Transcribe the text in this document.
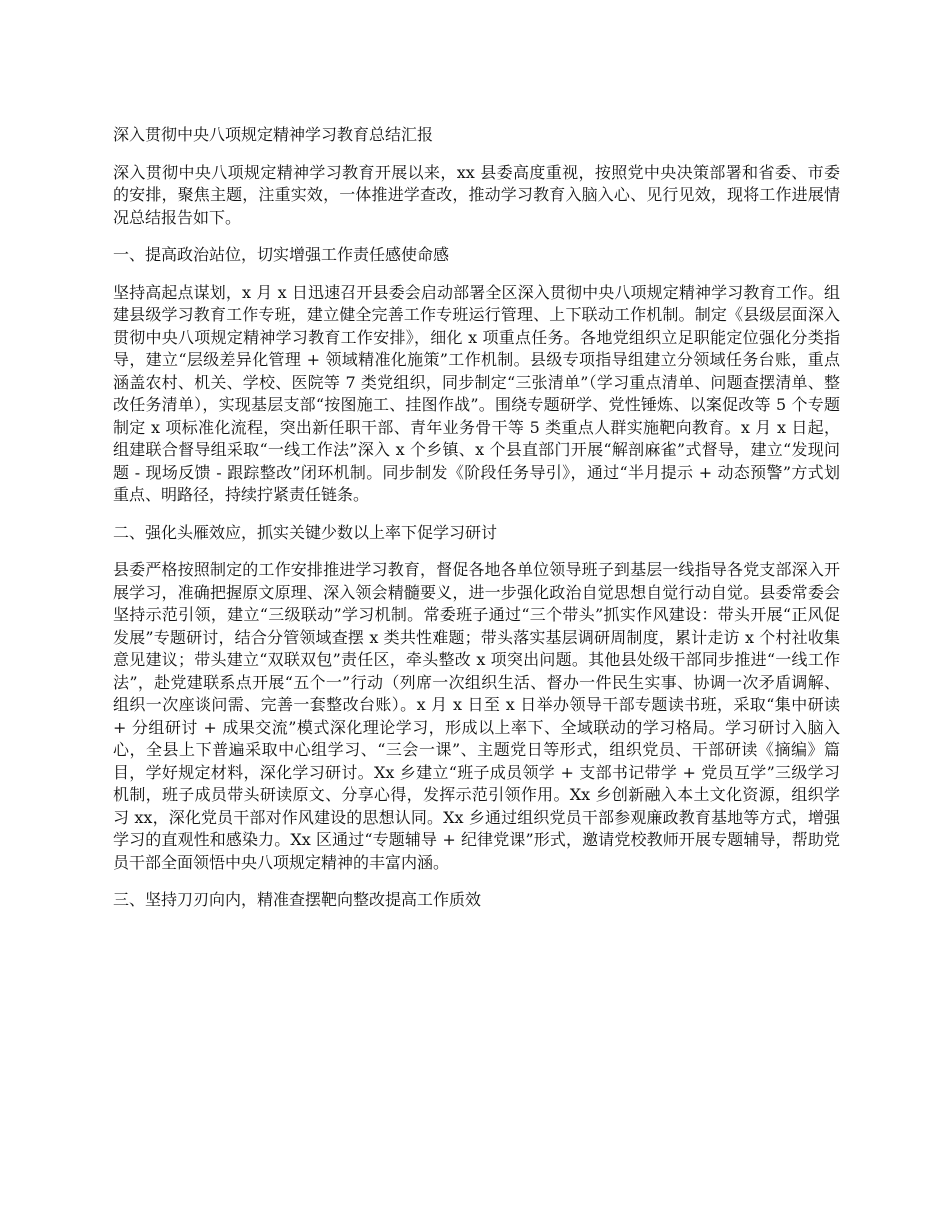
深入贯彻中央八项规定精神学习教育总结汇报

深入贯彻中央八项规定精神学习教育开展以来，xx 县委高度重视，按照党中央决策部署和省委、市委的安排，聚焦主题，注重实效，一体推进学查改，推动学习教育入脑入心、见行见效，现将工作进展情况总结报告如下。

一、提高政治站位，切实增强工作责任感使命感

坚持高起点谋划，x 月 x 日迅速召开县委会启动部署全区深入贯彻中央八项规定精神学习教育工作。组建县级学习教育工作专班，建立健全完善工作专班运行管理、上下联动工作机制。制定《县级层面深入贯彻中央八项规定精神学习教育工作安排》，细化 x 项重点任务。各地党组织立足职能定位强化分类指导，建立“层级差异化管理 + 领域精准化施策”工作机制。县级专项指导组建立分领域任务台账，重点涵盖农村、机关、学校、医院等 7 类党组织，同步制定“三张清单”（学习重点清单、问题查摆清单、整改任务清单），实现基层支部“按图施工、挂图作战”。围绕专题研学、党性锤炼、以案促改等 5 个专题制定 x 项标准化流程，突出新任职干部、青年业务骨干等 5 类重点人群实施靶向教育。x 月 x 日起，组建联合督导组采取“一线工作法”深入 x 个乡镇、x 个县直部门开展“解剖麻雀”式督导，建立“发现问题 - 现场反馈 - 跟踪整改”闭环机制。同步制发《阶段任务导引》，通过“半月提示 + 动态预警”方式划重点、明路径，持续拧紧责任链条。

二、强化头雁效应，抓实关键少数以上率下促学习研讨

县委严格按照制定的工作安排推进学习教育，督促各地各单位领导班子到基层一线指导各党支部深入开展学习，准确把握原文原理、深入领会精髓要义，进一步强化政治自觉思想自觉行动自觉。县委常委会坚持示范引领，建立“三级联动”学习机制。常委班子通过“三个带头”抓实作风建设：带头开展“正风促发展”专题研讨，结合分管领域查摆 x 类共性难题；带头落实基层调研周制度，累计走访 x 个村社收集意见建议；带头建立“双联双包”责任区，牵头整改 x 项突出问题。其他县处级干部同步推进“一线工作法”，赴党建联系点开展“五个一”行动（列席一次组织生活、督办一件民生实事、协调一次矛盾调解、组织一次座谈问需、完善一套整改台账）。x 月 x 日至 x 日举办领导干部专题读书班，采取“集中研读 + 分组研讨 + 成果交流”模式深化理论学习，形成以上率下、全域联动的学习格局。学习研讨入脑入心，全县上下普遍采取中心组学习、“三会一课”、主题党日等形式，组织党员、干部研读《摘编》篇目，学好规定材料，深化学习研讨。Xx 乡建立“班子成员领学 + 支部书记带学 + 党员互学”三级学习机制，班子成员带头研读原文、分享心得，发挥示范引领作用。Xx 乡创新融入本土文化资源，组织学习 xx，深化党员干部对作风建设的思想认同。Xx 乡通过组织党员干部参观廉政教育基地等方式，增强学习的直观性和感染力。Xx 区通过“专题辅导 + 纪律党课”形式，邀请党校教师开展专题辅导，帮助党员干部全面领悟中央八项规定精神的丰富内涵。

三、坚持刀刃向内，精准查摆靶向整改提高工作质效
